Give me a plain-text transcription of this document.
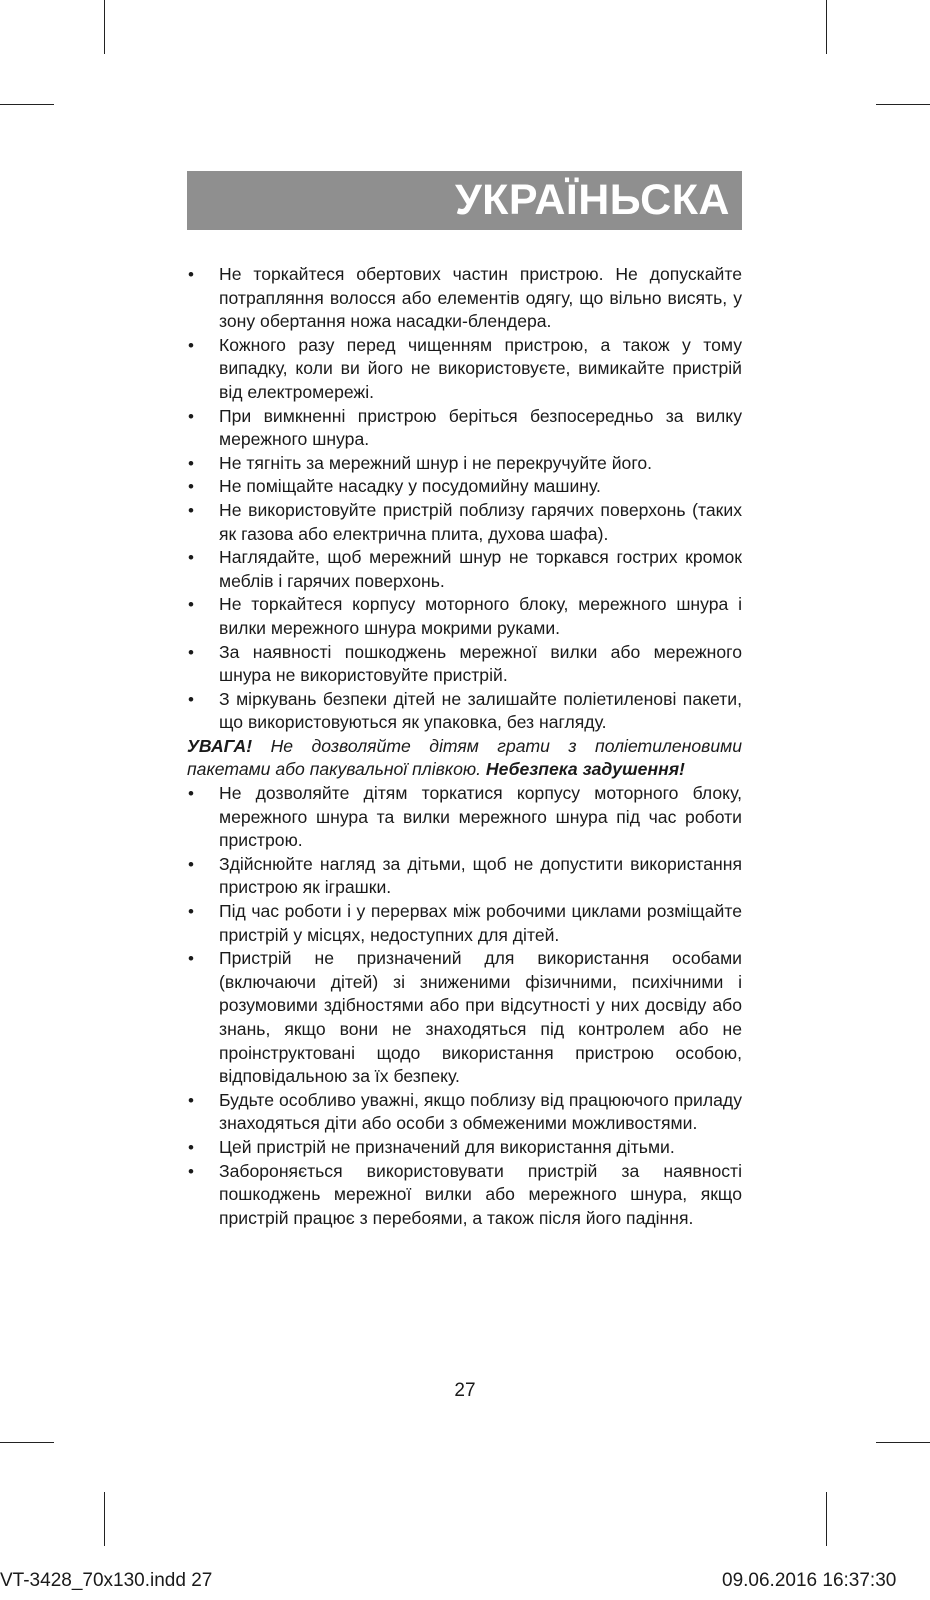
УКРАЇНЬСКА
• Не торкайтеся обертових частин пристрою. Не допускайте потрапляння волосся або елементів одягу, що вільно висять, у зону обертання ножа насадки-блендера.
• Кожного разу перед чищенням пристрою, а також у тому випадку, коли ви його не використовуєте, вимикайте пристрій від електромережі.
• При вимкненні пристрою беріться безпосередньо за вилку мережного шнура.
• Не тягніть за мережний шнур і не перекручуйте його.
• Не поміщайте насадку у посудомийну машину.
• Не використовуйте пристрій поблизу гарячих поверхонь (таких як газова або електрична плита, духова шафа).
• Наглядайте, щоб мережний шнур не торкався гострих кромок меблів і гарячих поверхонь.
• Не торкайтеся корпусу моторного блоку, мережного шнура і вилки мережного шнура мокрими руками.
• За наявності пошкоджень мережної вилки або мережного шнура не використовуйте пристрій.
• З міркувань безпеки дітей не залишайте поліетиленові пакети, що використовуються як упаковка, без нагляду.

УВАГА! Не дозволяйте дітям грати з поліетиленовими пакетами або пакувальної плівкою. Небезпека задушення!

• Не дозволяйте дітям торкатися корпусу моторного блоку, мережного шнура та вилки мережного шнура під час роботи пристрою.
• Здійснюйте нагляд за дітьми, щоб не допустити використання пристрою як іграшки.
• Під час роботи і у перервах між робочими циклами розміщайте пристрій у місцях, недоступних для дітей.
• Пристрій не призначений для використання особами (включаючи дітей) зі зниженими фізичними, психічними і розумовими здібностями або при відсутності у них досвіду або знань, якщо вони не знаходяться під контролем або не проінструктовані щодо використання пристрою особою, відповідальною за їх безпеку.
• Будьте особливо уважні, якщо поблизу від працюючого приладу знаходяться діти або особи з обмеженими можливостями.
• Цей пристрій не призначений для використання дітьми.
• Забороняється використовувати пристрій за наявності пошкоджень мережної вилки або мережного шнура, якщо пристрій працює з перебоями, а також після його падіння.
27
VT-3428_70x130.indd 27	09.06.2016 16:37:30
